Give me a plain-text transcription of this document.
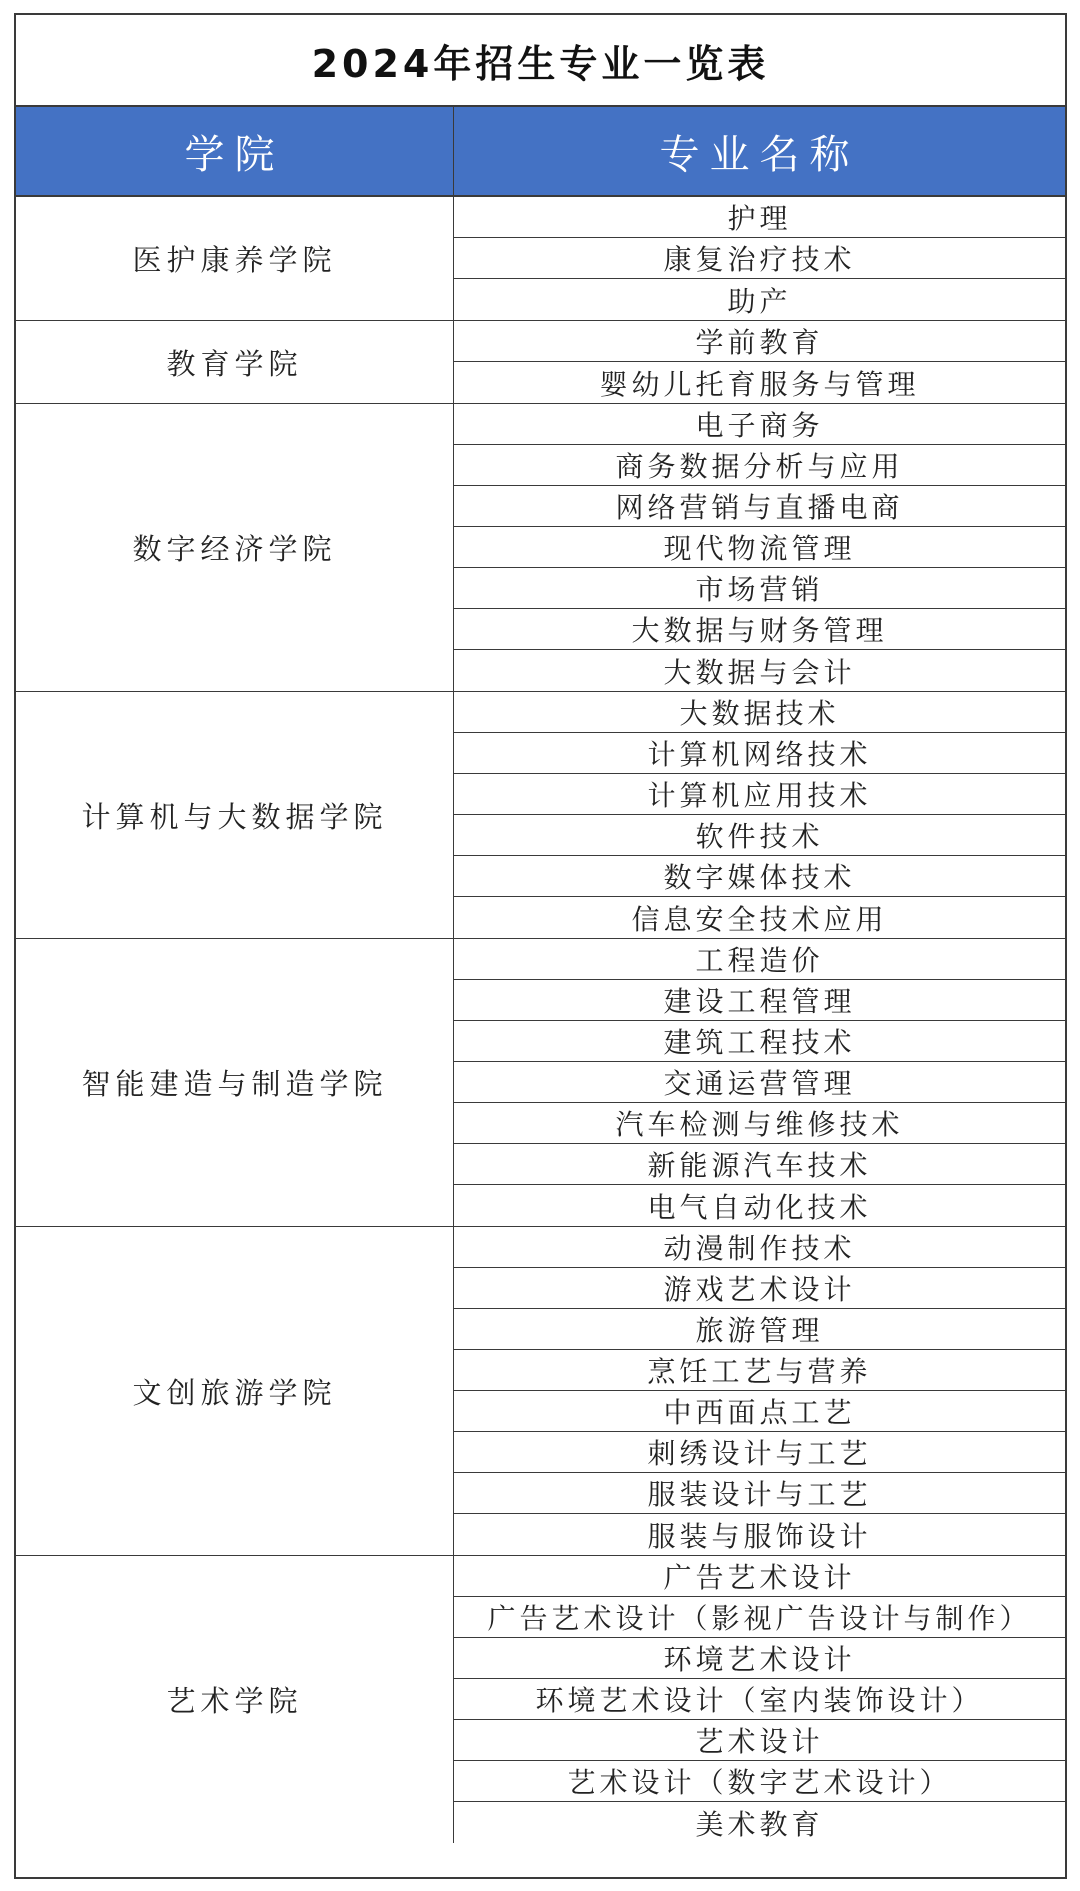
2024年招生专业一览表
学院	专业名称
医护康养学院
护理
康复治疗技术
助产
教育学院
学前教育
婴幼儿托育服务与管理
数字经济学院
电子商务
商务数据分析与应用
网络营销与直播电商
现代物流管理
市场营销
大数据与财务管理
大数据与会计
计算机与大数据学院
大数据技术
计算机网络技术
计算机应用技术
软件技术
数字媒体技术
信息安全技术应用
智能建造与制造学院
工程造价
建设工程管理
建筑工程技术
交通运营管理
汽车检测与维修技术
新能源汽车技术
电气自动化技术
文创旅游学院
动漫制作技术
游戏艺术设计
旅游管理
烹饪工艺与营养
中西面点工艺
刺绣设计与工艺
服装设计与工艺
服装与服饰设计
艺术学院
广告艺术设计
广告艺术设计（影视广告设计与制作）
环境艺术设计
环境艺术设计（室内装饰设计）
艺术设计
艺术设计（数字艺术设计）
美术教育
